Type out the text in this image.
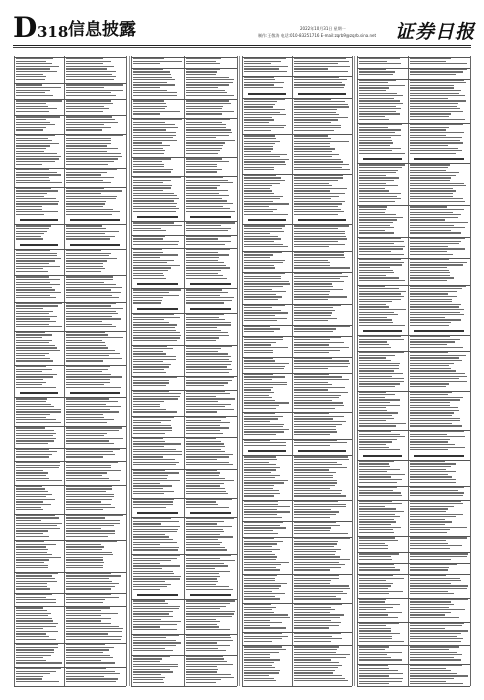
D 318 信息披露	2022年10月31日 星期一
制作:王敬涛 电话:010-83251716 E-mail:zqrb9@zqrb.sina.net 证券日报
